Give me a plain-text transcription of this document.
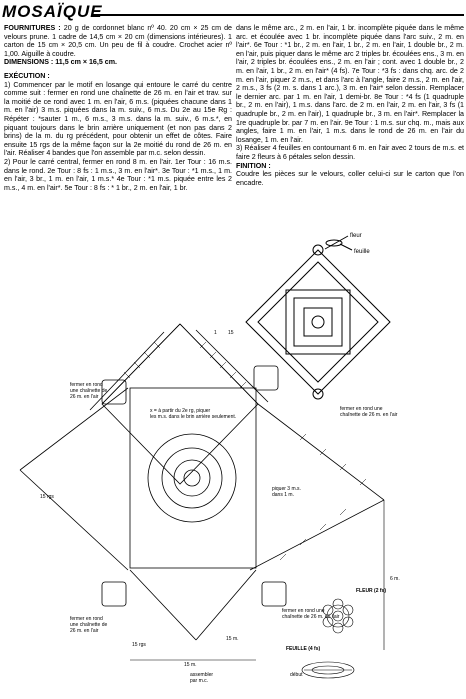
MOSAÏQUE

FOURNITURES : 20 g de cordonnet blanc nº 40. 20 cm × 25 cm de velours prune. 1 cadre de 14,5 cm × 20 cm (dimensions intérieures). 1 carton de 15 cm × 20,5 cm. Un peu de fil à coudre. Crochet acier nº 1,00. Aiguille à coudre.

DIMENSIONS : 11,5 cm × 16,5 cm.

EXÉCUTION :

1) Commencer par le motif en losange qui entoure le carré du centre comme suit : fermer en rond une chaînette de 26 m. en l'air et trav. sur la moitié de ce rond avec 1 m. en l'air, 6 m.s. (piquées chacune dans 1 m. en l'air) 3 m.s. piquées dans la m. suiv., 6 m.s. Du 2e au 15e Rg : Répéter : *sauter 1 m., 6 m.s., 3 m.s. dans la m. suiv., 6 m.s.*, en piquant toujours dans le brin arrière uniquement (et non pas dans 2 brins) de la m. du rg précédent, pour obtenir un effet de côtes. Faire ensuite 15 rgs de la même façon sur la 2e moitié du rond de 26 m. en l'air. Réaliser 4 bandes que l'on assemble par m.c. selon dessin.

2) Pour le carré central, fermer en rond 8 m. en l'air. 1er Tour : 16 m.s. dans le rond. 2e Tour : 8 fs : 1 m.s., 3 m. en l'air*. 3e Tour : *1 m.s., 1 m. en l'air, 3 br., 1 m. en l'air, 1 m.s.* 4e Tour : *1 m.s. piquée entre les 2 m.s., 4 m. en l'air*. 5e Tour : 8 fs : * 1 br., 2 m. en l'air, 1 br.

dans le même arc., 2 m. en l'air, 1 br. incomplète piquée dans le même arc. et écoulée avec 1 br. incomplète piquée dans l'arc suiv., 2 m. en l'air*. 6e Tour : *1 br., 2 m. en l'air, 1 br., 2 m. en l'air, 1 double br., 2 m. en l'air, puis piquer dans le même arc 2 triples br. écoulées ens., 3 m. en l'air, 2 triples br. écoulées ens., 2 m. en l'air ; cont. avec 1 double br., 2 m. en l'air, 1 br., 2 m. en l'air* (4 fs). 7e Tour : *3 fs : dans chq. arc. de 2 m. en l'air, piquer 2 m.s., et dans l'arc à l'angle, faire 2 m.s., 2 m. en l'air, 2 m.s., 3 fs (2 m. s. dans 1 arc.), 3 m. en l'air* selon dessin. Remplacer le dernier arc. par 1 m. en l'air, 1 demi-br. 8e Tour : *4 fs (1 quadruple br., 2 m. en l'air), 1 m.s. dans l'arc. de 2 m. en l'air, 2 m. en l'air, 3 fs (1 quadruple br., 2 m. en l'air), 1 quadruple br., 3 m. en l'air*. Remplacer la 1re quadruple br. par 7 m. en l'air. 9e Tour : 1 m.s. sur chq. m., mais aux angles, faire 1 m. en l'air, 1 m.s. dans le rond de 26 m. en l'air du losange, 1 m. en l'air.

3) Réaliser 4 feuilles en contournant 6 m. en l'air avec 2 tours de m.s. et faire 2 fleurs à 6 pétales selon dessin.

FINITION :

Coudre les pièces sur le velours, coller celui-ci sur le carton que l'on encadre.

fleur
feuille
15
1
fermer en rond
une chaînette de
26 m. en l'air
x = à partir du 2e rg, piquer
les m.s. dans le brin arrière seulement.
fermer en rond une
chaînette de 26 m. en l'air
piquer 3 m.s.
dans 1 m.
fermer en rond
une chaînette de
26 m. en l'air
fermer en rond une
chaînette de 26 m. en l'air
assembler
par m.c.
FLEUR (2 fs)
FEUILLE (4 fs)
début
15 rgs
15 rgs
6 m.
15 m.
15 m.
